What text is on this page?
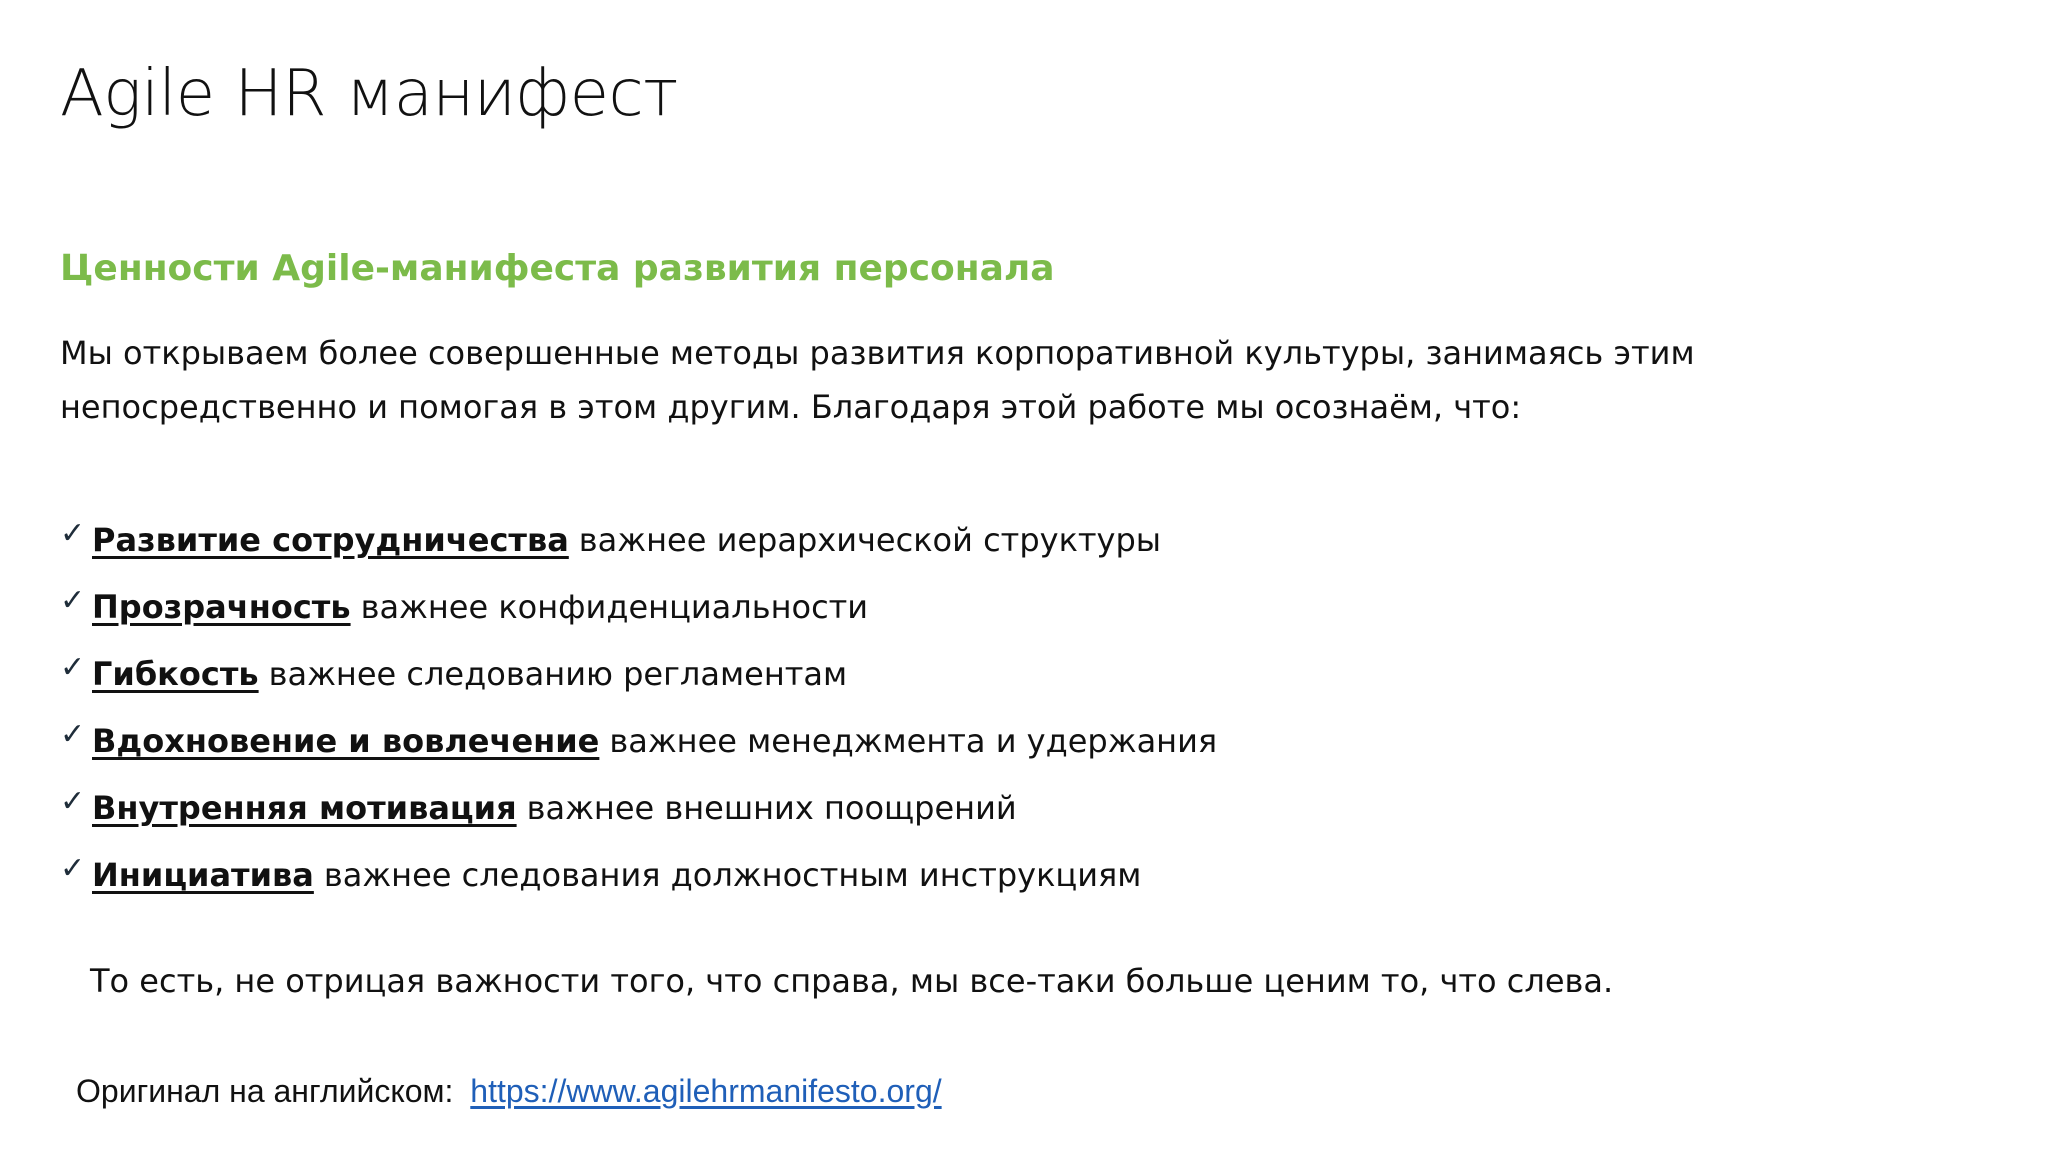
Agile HR манифест
Ценности Agile-манифеста развития персонала
Мы открываем более совершенные методы развития корпоративной культуры, занимаясь этим
непосредственно и помогая в этом другим. Благодаря этой работе мы осознаём, что:
✓ Развитие сотрудничества важнее иерархической структуры
✓ Прозрачность важнее конфиденциальности
✓ Гибкость важнее следованию регламентам
✓ Вдохновение и вовлечение важнее менеджмента и удержания
✓ Внутренняя мотивация важнее внешних поощрений
✓ Инициатива важнее следования должностным инструкциям
То есть, не отрицая важности того, что справа, мы все-таки больше ценим то, что слева.
Оригинал на английском: https://www.agilehrmanifesto.org/
